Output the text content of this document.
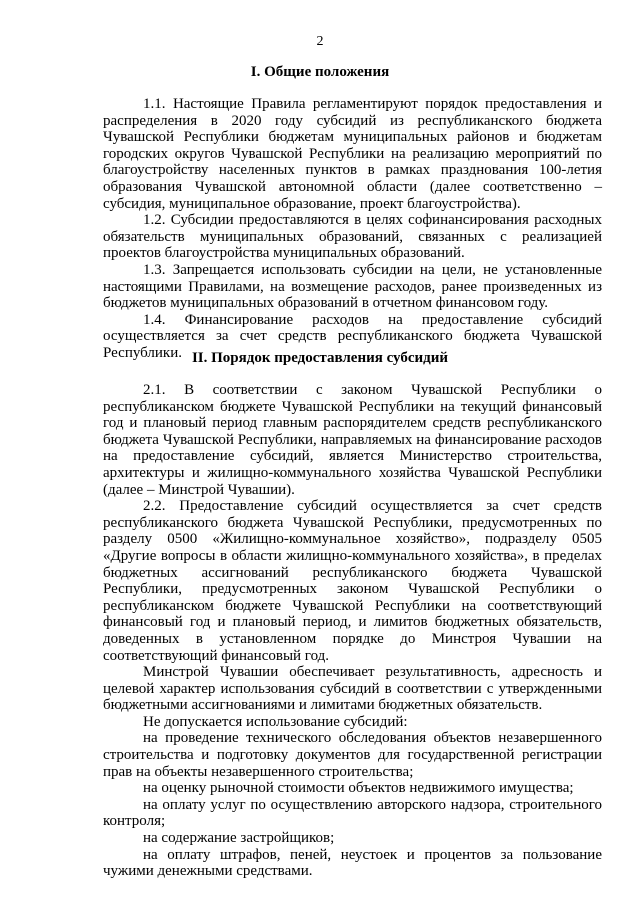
2
I. Общие положения

1.1. Настоящие Правила регламентируют порядок предоставления и распределения в 2020 году субсидий из республиканского бюджета Чувашской Республики бюджетам муниципальных районов и бюджетам городских округов Чувашской Республики на реализацию мероприятий по благоустройству населенных пунктов в рамках празднования 100-летия образования Чувашской автономной области (далее соответственно – субсидия, муниципальное образование, проект благоустройства).

1.2. Субсидии предоставляются в целях софинансирования расходных обязательств муниципальных образований, связанных с реализацией проектов благоустройства муниципальных образований.

1.3. Запрещается использовать субсидии на цели, не установленные настоящими Правилами, на возмещение расходов, ранее произведенных из бюджетов муниципальных образований в отчетном финансовом году.

1.4. Финансирование расходов на предоставление субсидий осуществляется за счет средств республиканского бюджета Чувашской Республики. II. Порядок предоставления субсидий

2.1. В соответствии с законом Чувашской Республики о республиканском бюджете Чувашской Республики на текущий финансовый год и плановый период главным распорядителем средств республиканского бюджета Чувашской Республики, направляемых на финансирование расходов на предоставление субсидий, является Министерство строительства, архитектуры и жилищно-коммунального хозяйства Чувашской Республики (далее – Минстрой Чувашии).

2.2. Предоставление субсидий осуществляется за счет средств республиканского бюджета Чувашской Республики, предусмотренных по разделу 0500 «Жилищно-коммунальное хозяйство», подразделу 0505 «Другие вопросы в области жилищно-коммунального хозяйства», в пределах бюджетных ассигнований республиканского бюджета Чувашской Республики, предусмотренных законом Чувашской Республики о республиканском бюджете Чувашской Республики на соответствующий финансовый год и плановый период, и лимитов бюджетных обязательств, доведенных в установленном порядке до Минстроя Чувашии на соответствующий финансовый год.

Минстрой Чувашии обеспечивает результативность, адресность и целевой характер использования субсидий в соответствии с утвержденными бюджетными ассигнованиями и лимитами бюджетных обязательств.

Не допускается использование субсидий:

на проведение технического обследования объектов незавершенного строительства и подготовку документов для государственной регистрации прав на объекты незавершенного строительства;

на оценку рыночной стоимости объектов недвижимого имущества;

на оплату услуг по осуществлению авторского надзора, строительного контроля;

на содержание застройщиков;

на оплату штрафов, пеней, неустоек и процентов за пользование чужими денежными средствами.
